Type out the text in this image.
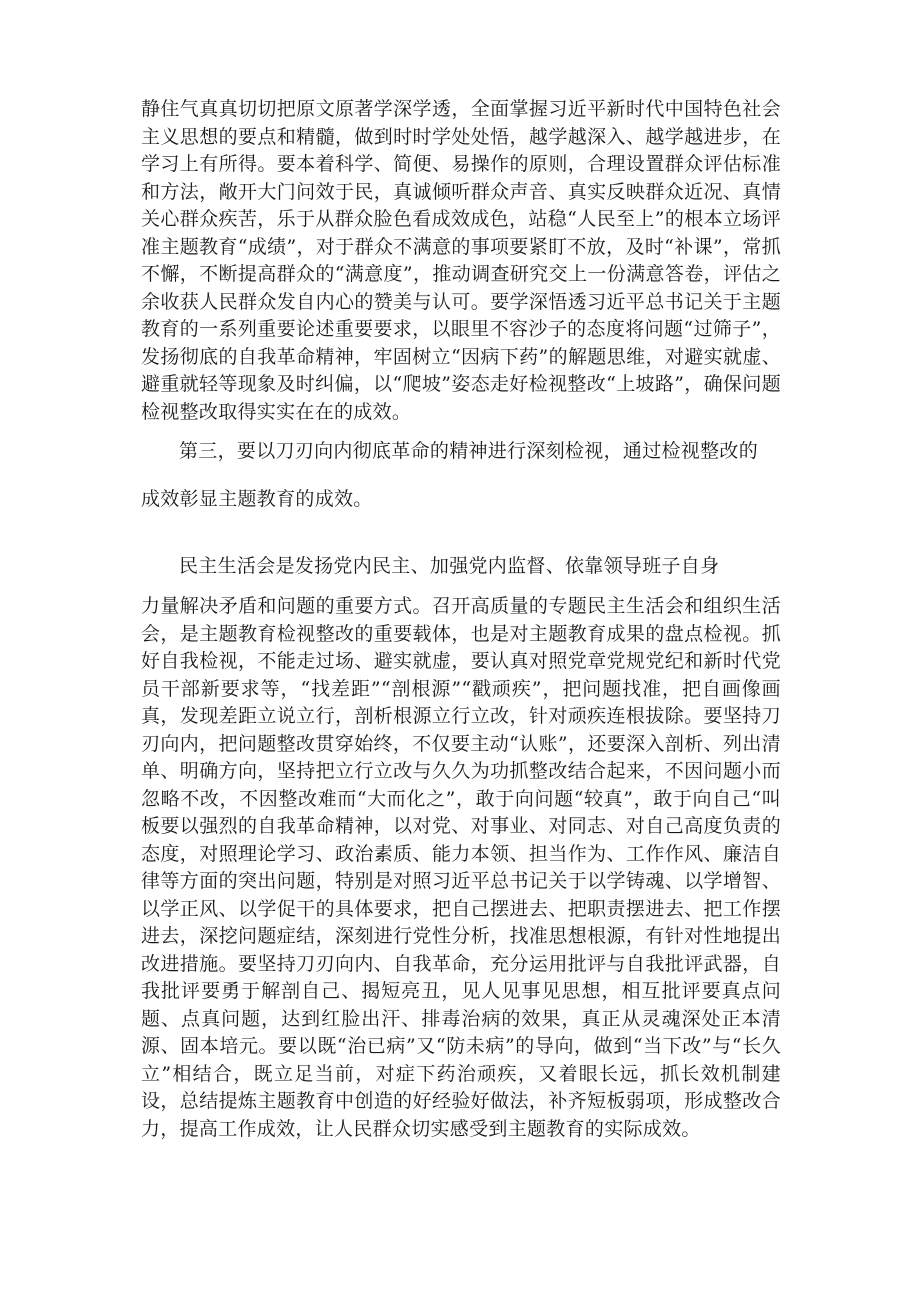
静住气真真切切把原文原著学深学透，全面掌握习近平新时代中国特色社会主义思想的要点和精髓，做到时时学处处悟，越学越深入、越学越进步，在学习上有所得。要本着科学、简便、易操作的原则，合理设置群众评估标准和方法，敞开大门问效于民，真诚倾听群众声音、真实反映群众近况、真情关心群众疾苦，乐于从群众脸色看成效成色，站稳“人民至上”的根本立场评准主题教育“成绩”，对于群众不满意的事项要紧盯不放，及时“补课”，常抓不懈，不断提高群众的“满意度”，推动调查研究交上一份满意答卷，评估之余收获人民群众发自内心的赞美与认可。要学深悟透习近平总书记关于主题教育的一系列重要论述重要要求，以眼里不容沙子的态度将问题“过筛子”，发扬彻底的自我革命精神，牢固树立“因病下药”的解题思维，对避实就虚、避重就轻等现象及时纠偏，以“爬坡”姿态走好检视整改“上坡路”，确保问题检视整改取得实实在在的成效。

第三，要以刀刃向内彻底革命的精神进行深刻检视，通过检视整改的

成效彰显主题教育的成效。

民主生活会是发扬党内民主、加强党内监督、依靠领导班子自身

力量解决矛盾和问题的重要方式。召开高质量的专题民主生活会和组织生活会，是主题教育检视整改的重要载体，也是对主题教育成果的盘点检视。抓好自我检视，不能走过场、避实就虚，要认真对照党章党规党纪和新时代党员干部新要求等，“找差距”“剖根源”“戳顽疾”，把问题找准，把自画像画真，发现差距立说立行，剖析根源立行立改，针对顽疾连根拔除。要坚持刀刃向内，把问题整改贯穿始终，不仅要主动“认账”，还要深入剖析、列出清单、明确方向，坚持把立行立改与久久为功抓整改结合起来，不因问题小而忽略不改，不因整改难而“大而化之”，敢于向问题“较真”，敢于向自己“叫板要以强烈的自我革命精神，以对党、对事业、对同志、对自己高度负责的态度，对照理论学习、政治素质、能力本领、担当作为、工作作风、廉洁自律等方面的突出问题，特别是对照习近平总书记关于以学铸魂、以学增智、以学正风、以学促干的具体要求，把自己摆进去、把职责摆进去、把工作摆进去，深挖问题症结，深刻进行党性分析，找准思想根源，有针对性地提出改进措施。要坚持刀刃向内、自我革命，充分运用批评与自我批评武器，自我批评要勇于解剖自己、揭短亮丑，见人见事见思想，相互批评要真点问题、点真问题，达到红脸出汗、排毒治病的效果，真正从灵魂深处正本清源、固本培元。要以既“治已病”又“防未病”的导向，做到“当下改”与“长久立”相结合，既立足当前，对症下药治顽疾，又着眼长远，抓长效机制建设，总结提炼主题教育中创造的好经验好做法，补齐短板弱项，形成整改合力，提高工作成效，让人民群众切实感受到主题教育的实际成效。
